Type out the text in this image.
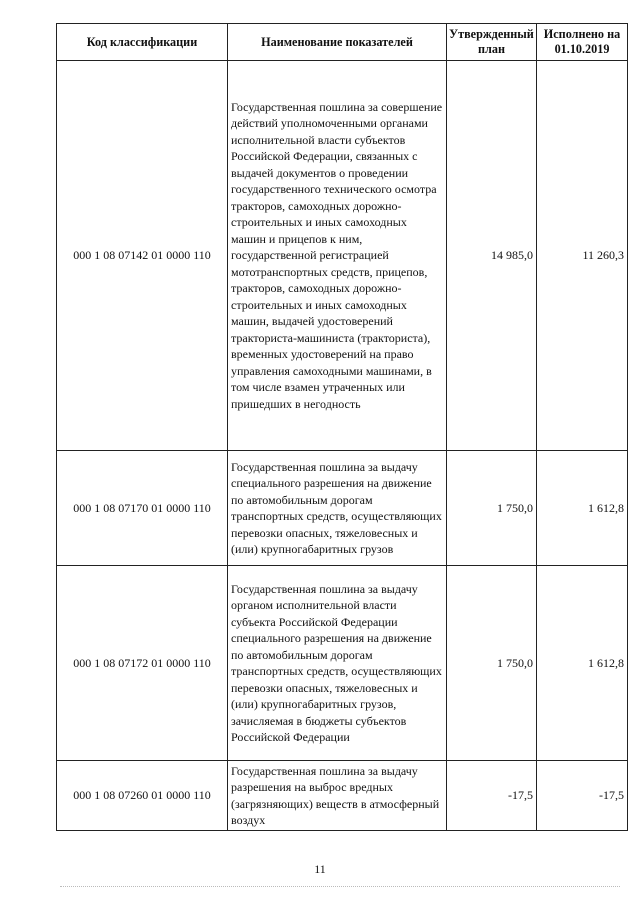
Код классификации	Наименование показателей	Утвержденный план	Исполнено на 01.10.2019
000 1 08 07142 01 0000 110	Государственная пошлина за совершение действий уполномоченными органами исполнительной власти субъектов Российской Федерации, связанных с выдачей документов о проведении государственного технического осмотра тракторов, самоходных дорожно-строительных и иных самоходных машин и прицепов к ним, государственной регистрацией мототранспортных средств, прицепов, тракторов, самоходных дорожно-строительных и иных самоходных машин, выдачей удостоверений тракториста-машиниста (тракториста), временных удостоверений на право управления самоходными машинами, в том числе взамен утраченных или пришедших в негодность	14 985,0	11 260,3
000 1 08 07170 01 0000 110	Государственная пошлина за выдачу специального разрешения на движение по автомобильным дорогам транспортных средств, осуществляющих перевозки опасных, тяжеловесных и (или) крупногабаритных грузов	1 750,0	1 612,8
000 1 08 07172 01 0000 110	Государственная пошлина за выдачу органом исполнительной власти субъекта Российской Федерации специального разрешения на движение по автомобильным дорогам транспортных средств, осуществляющих перевозки опасных, тяжеловесных и (или) крупногабаритных грузов, зачисляемая в бюджеты субъектов Российской Федерации	1 750,0	1 612,8
000 1 08 07260 01 0000 110	Государственная пошлина за выдачу разрешения на выброс вредных (загрязняющих) веществ в атмосферный воздух	-17,5	-17,5
11
